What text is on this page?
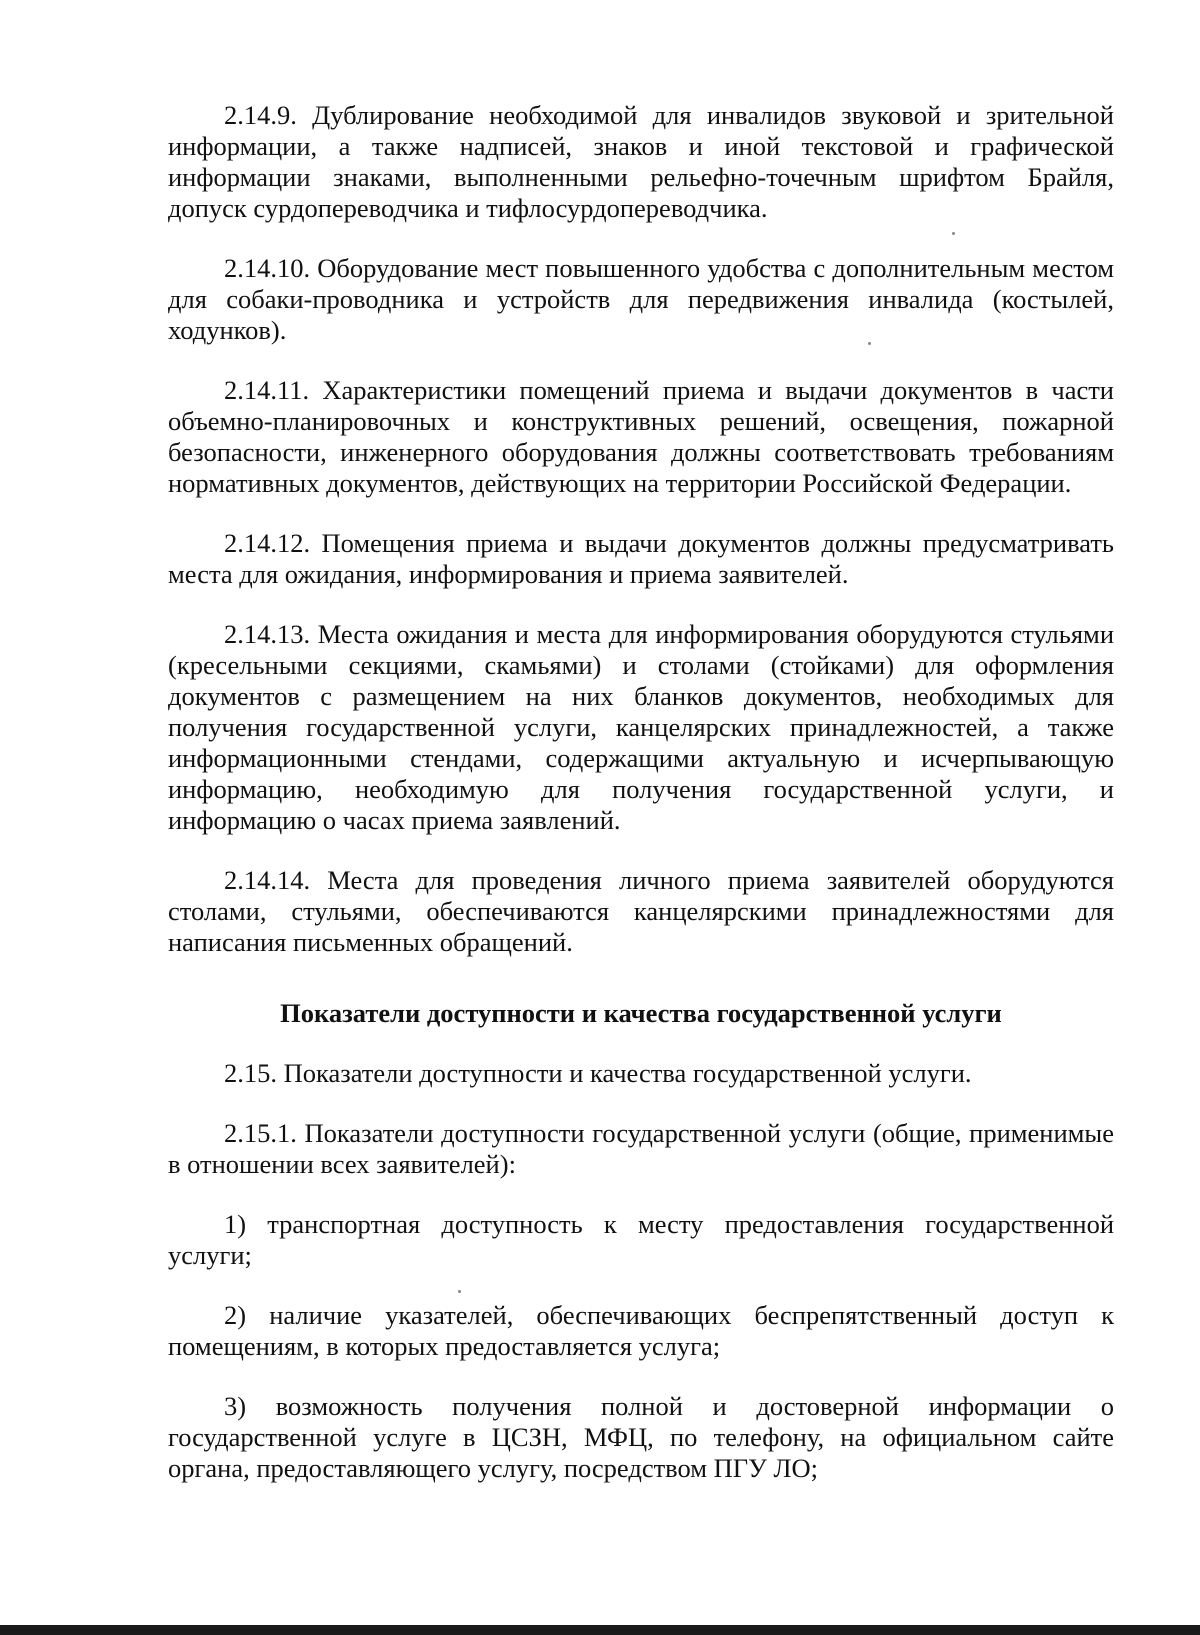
2.14.9. Дублирование необходимой для инвалидов звуковой и зрительной информации, а также надписей, знаков и иной текстовой и графической информации знаками, выполненными рельефно-точечным шрифтом Брайля, допуск сурдопереводчика и тифлосурдопереводчика.

2.14.10. Оборудование мест повышенного удобства с дополнительным местом для собаки-проводника и устройств для передвижения инвалида (костылей, ходунков).

2.14.11. Характеристики помещений приема и выдачи документов в части объемно-планировочных и конструктивных решений, освещения, пожарной безопасности, инженерного оборудования должны соответствовать требованиям нормативных документов, действующих на территории Российской Федерации.

2.14.12. Помещения приема и выдачи документов должны предусматривать места для ожидания, информирования и приема заявителей.

2.14.13. Места ожидания и места для информирования оборудуются стульями (кресельными секциями, скамьями) и столами (стойками) для оформления документов с размещением на них бланков документов, необходимых для получения государственной услуги, канцелярских принадлежностей, а также информационными стендами, содержащими актуальную и исчерпывающую информацию, необходимую для получения государственной услуги, и информацию о часах приема заявлений.

2.14.14. Места для проведения личного приема заявителей оборудуются столами, стульями, обеспечиваются канцелярскими принадлежностями для написания письменных обращений.

Показатели доступности и качества государственной услуги

2.15. Показатели доступности и качества государственной услуги.

2.15.1. Показатели доступности государственной услуги (общие, применимые в отношении всех заявителей):

1) транспортная доступность к месту предоставления государственной услуги;

2) наличие указателей, обеспечивающих беспрепятственный доступ к помещениям, в которых предоставляется услуга;

3) возможность получения полной и достоверной информации о государственной услуге в ЦСЗН, МФЦ, по телефону, на официальном сайте органа, предоставляющего услугу, посредством ПГУ ЛО;
